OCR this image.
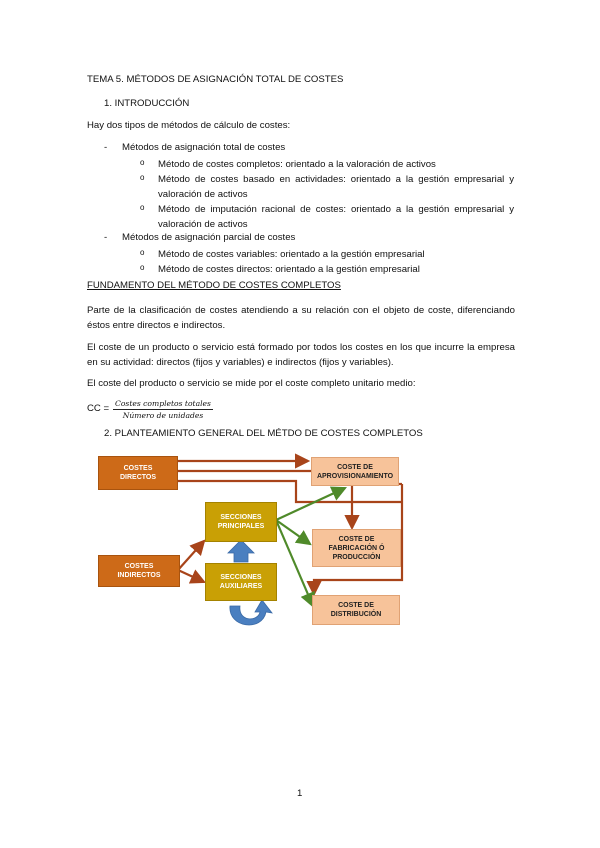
TEMA 5. MÉTODOS DE ASIGNACIÓN TOTAL DE COSTES
1. INTRODUCCIÓN
Hay dos tipos de métodos de cálculo de costes:
- Métodos de asignación total de costes
o Método de costes completos: orientado a la valoración de activos
o Método de costes basado en actividades: orientado a la gestión empresarial y valoración de activos
o Método de imputación racional de costes: orientado a la gestión empresarial y valoración de activos
- Métodos de asignación parcial de costes
o Método de costes variables: orientado a la gestión empresarial
o Método de costes directos: orientado a la gestión empresarial
FUNDAMENTO DEL MÉTODO DE COSTES COMPLETOS
Parte de la clasificación de costes atendiendo a su relación con el objeto de coste, diferenciando éstos entre directos e indirectos.
El coste de un producto o servicio está formado por todos los costes en los que incurre la empresa en su actividad: directos (fijos y variables) e indirectos (fijos y variables).
El coste del producto o servicio se mide por el coste completo unitario medio:
CC = Costes completos totales
Número de unidades
2. PLANTEAMIENTO GENERAL DEL MÉTDO DE COSTES COMPLETOS
COSTES DIRECTOS
COSTES INDIRECTOS
SECCIONES PRINCIPALES
SECCIONES AUXILIARES
COSTE DE APROVISIONAMIENTO
COSTE DE FABRICACIÓN Ó PRODUCCIÓN
COSTE DE DISTRIBUCIÓN
1
